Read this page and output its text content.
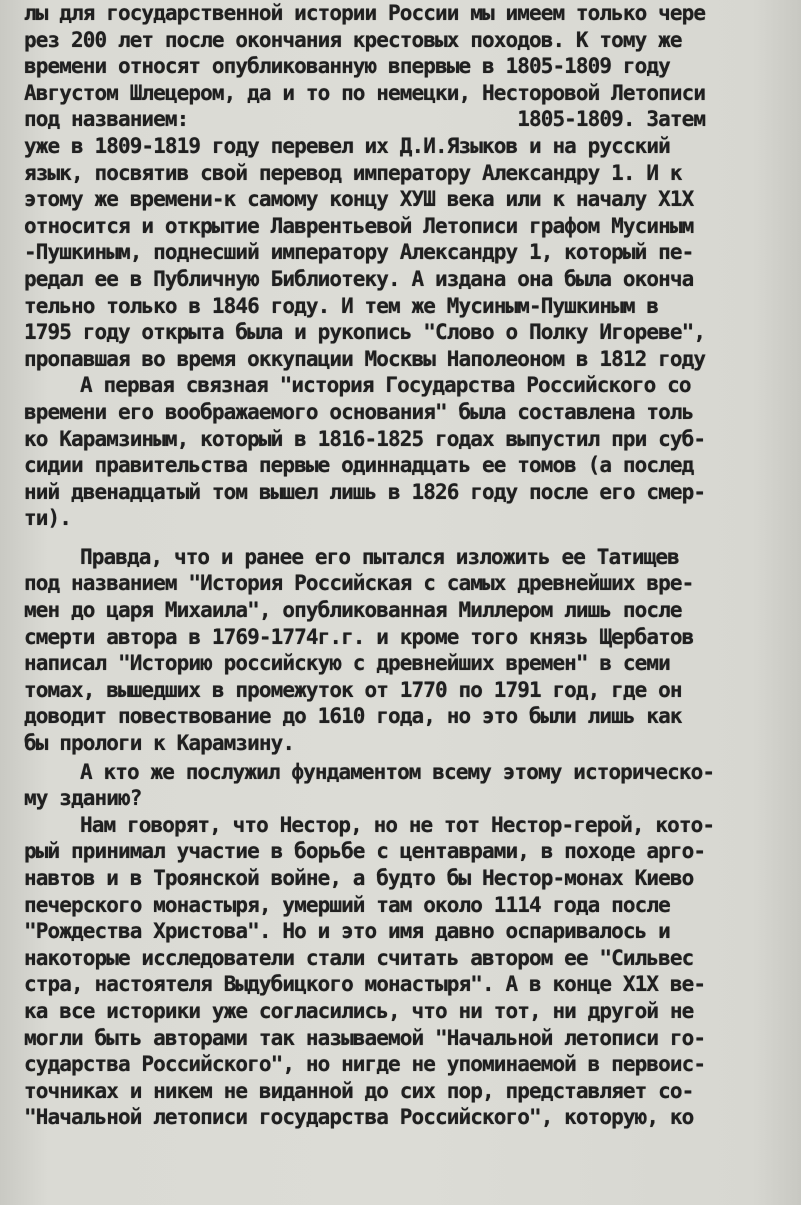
лы для государственной истории России мы имеем только чере
рез 200 лет после окончания крестовых походов. К тому же
времени относят опубликованную впервые в 1805-1809 году
Августом Шлецером, да и то по немецки, Несторовой Летописи
под названием:                            1805-1809. Затем
уже в 1809-1819 году перевел их Д.И.Языков и на русский
язык, посвятив свой перевод императору Александру 1. И к
этому же времени-к самому концу ХУШ века или к началу Х1Х
относится и открытие Лаврентьевой Летописи графом Мусиным
-Пушкиным, поднесший императору Александру 1, который пе-
редал ее в Публичную Библиотеку. А издана она была оконча
тельно только в 1846 году. И тем же Мусиным-Пушкиным в
1795 году открыта была и рукопись "Слово о Полку Игореве",
пропавшая во время оккупации Москвы Наполеоном в 1812 году
А первая связная "история Государства Российского со
времени его воображаемого основания" была составлена толь
ко Карамзиным, который в 1816-1825 годах выпустил при суб-
сидии правительства первые одиннадцать ее томов (а послед
ний двенадцатый том вышел лишь в 1826 году после его смер-
ти).
Правда, что и ранее его пытался изложить ее Татищев
под названием "История Российская с самых древнейших вре-
мен до царя Михаила", опубликованная Миллером лишь после
смерти автора в 1769-1774г.г. и кроме того князь Щербатов
написал "Историю российскую с древнейших времен" в семи
томах, вышедших в промежуток от 1770 по 1791 год, где он
доводит повествование до 1610 года, но это были лишь как
бы прологи к Карамзину.
А кто же послужил фундаментом всему этому историческо-
му зданию?
Нам говорят, что Нестор, но не тот Нестор-герой, кото-
рый принимал участие в борьбе с центаврами, в походе арго-
навтов и в Троянской войне, а будто бы Нестор-монах Киево
печерского монастыря, умерший там около 1114 года после
"Рождества Христова". Но и это имя давно оспаривалось и
накоторые исследователи стали считать автором ее "Сильвес
стра, настоятеля Выдубицкого монастыря". А в конце Х1Х ве-
ка все историки уже согласились, что ни тот, ни другой не
могли быть авторами так называемой "Начальной летописи го-
сударства Российского", но нигде не упоминаемой в первоис-
точниках и никем не виданной до сих пор, представляет со-
"Начальной летописи государства Российского", которую, ко
